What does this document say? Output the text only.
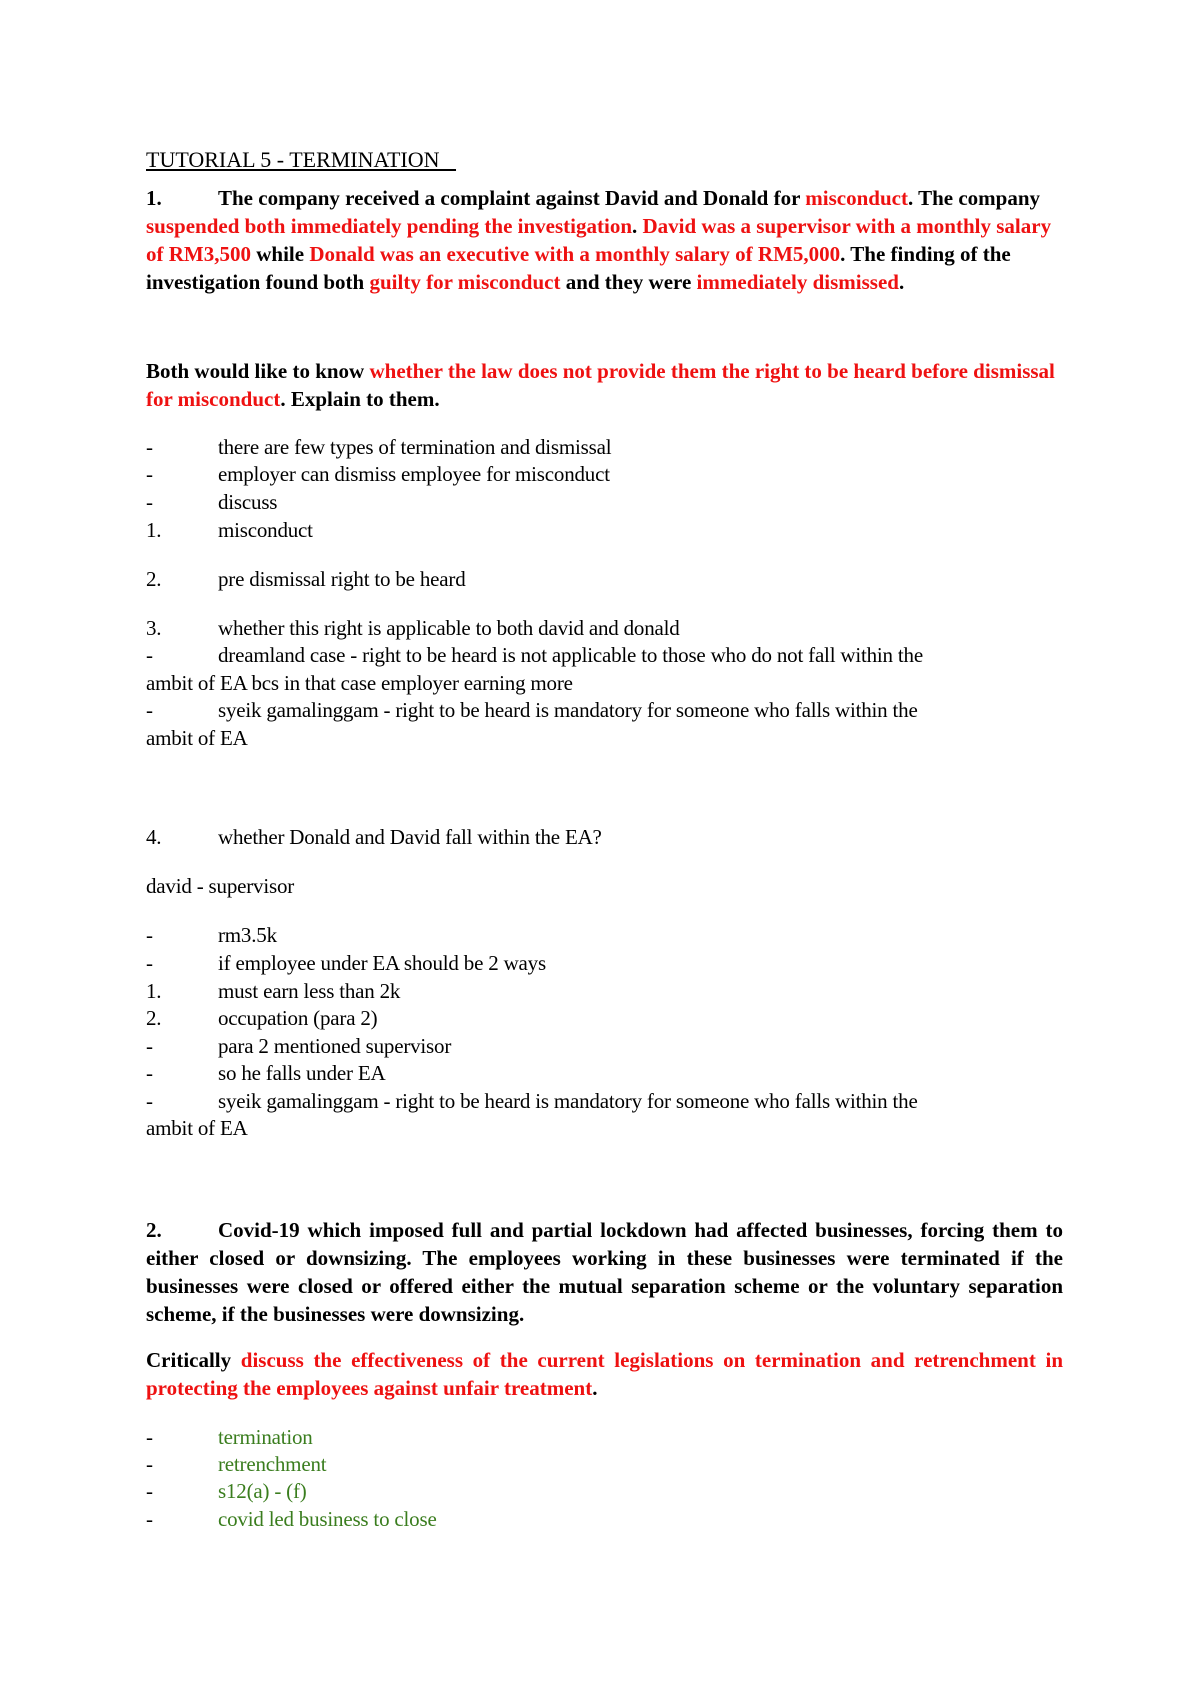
TUTORIAL 5 - TERMINATION
1.	The company received a complaint against David and Donald for misconduct. The company suspended both immediately pending the investigation. David was a supervisor with a monthly salary of RM3,500 while Donald was an executive with a monthly salary of RM5,000. The finding of the investigation found both guilty for misconduct and they were immediately dismissed.
Both would like to know whether the law does not provide them the right to be heard before dismissal for misconduct. Explain to them.
-	there are few types of termination and dismissal
-	employer can dismiss employee for misconduct
-	discuss
1.	misconduct
2.	pre dismissal right to be heard
3.	whether this right is applicable to both david and donald
-	dreamland case - right to be heard is not applicable to those who do not fall within the
ambit of EA bcs in that case employer earning more
-	syeik gamalinggam - right to be heard is mandatory for someone who falls within the
ambit of EA
4.	whether Donald and David fall within the EA?
david - supervisor
-	rm3.5k
-	if employee under EA should be 2 ways
1.	must earn less than 2k
2.	occupation (para 2)
-	para 2 mentioned supervisor
-	so he falls under EA
-	syeik gamalinggam - right to be heard is mandatory for someone who falls within the
ambit of EA
2.	Covid-19 which imposed full and partial lockdown had affected businesses, forcing them to either closed or downsizing. The employees working in these businesses were terminated if the businesses were closed or offered either the mutual separation scheme or the voluntary separation scheme, if the businesses were downsizing.
Critically discuss the effectiveness of the current legislations on termination and retrenchment in protecting the employees against unfair treatment.
-	termination
-	retrenchment
-	s12(a) - (f)
-	covid led business to close
